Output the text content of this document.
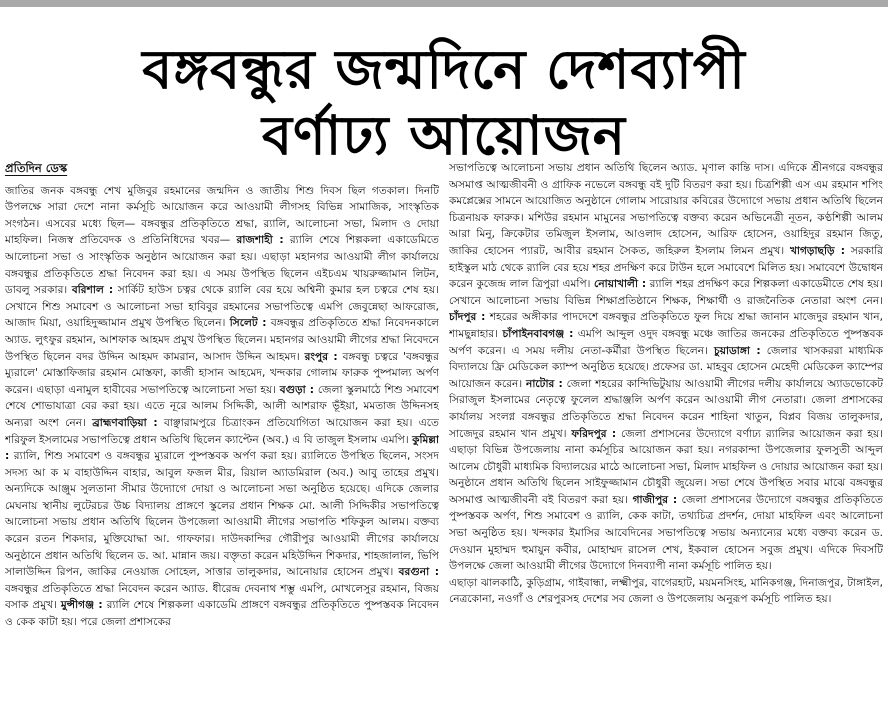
বঙ্গবন্ধুর জন্মদিনে দেশব্যাপী
বর্ণাঢ্য আয়োজন

প্রতিদিন ডেস্ক

জাতির জনক বঙ্গবন্ধু শেখ মুজিবুর রহমানের জন্মদিন ও জাতীয় শিশু দিবস ছিল গতকাল। দিনটি উপলক্ষে সারা দেশে নানা কর্মসূচি আয়োজন করে আওয়ামী লীগসহ বিভিন্ন সামাজিক, সাংস্কৃতিক সংগঠন। এসবের মধ্যে ছিল— বঙ্গবন্ধুর প্রতিকৃতিতে শ্রদ্ধা, র‍্যালি, আলোচনা সভা, মিলাদ ও দোয়া মাহফিল। নিজস্ব প্রতিবেদক ও প্রতিনিধিদের খবর— রাজশাহী : র‍্যালি শেষে শিল্পকলা একাডেমিতে আলোচনা সভা ও সাংস্কৃতিক অনুষ্ঠান আয়োজন করা হয়। এছাড়া মহানগর আওয়ামী লীগ কার্যালয়ে বঙ্গবন্ধুর প্রতিকৃতিতে শ্রদ্ধা নিবেদন করা হয়। এ সময় উপস্থিত ছিলেন এইচএম খায়রুজ্জামান লিটন, ডাবলু সরকার। বরিশাল : সার্কিট হাউস চত্বর থেকে র‍্যালি বের হয়ে অশ্বিনী কুমার হল চত্বরে শেষ হয়। সেখানে শিশু সমাবেশ ও আলোচনা সভা হাবিবুর রহমানের সভাপতিত্বে এমপি জেবুন্নেছা আফরোজ, আজাদ মিয়া, ওয়াহিদুজ্জামান প্রমুখ উপস্থিত ছিলেন। সিলেট : বঙ্গবন্ধুর প্রতিকৃতিতে শ্রদ্ধা নিবেদনকালে অ্যাড. লুৎফুর রহমান, আশফাক আহমদ প্রমুখ উপস্থিত ছিলেন। মহানগর আওয়ামী লীগের শ্রদ্ধা নিবেদনে উপস্থিত ছিলেন বদর উদ্দিন আহমদ কামরান, আসাদ উদ্দিন আহমদ। রংপুর : বঙ্গবন্ধু চত্বরে 'বঙ্গবন্ধুর ম্যুরালে' মোস্তাফিজার রহমান মোস্তফা, কাজী হাসান আহমেদ, খন্দকার গোলাম ফারুক পুষ্পমাল্য অর্পণ করেন। এছাড়া এনামুল হাবীবের সভাপতিত্বে আলোচনা সভা হয়। বগুড়া : জেলা স্কুলমাঠে শিশু সমাবেশ শেষে শোভাযাত্রা বের করা হয়। এতে নূরে আলম সিদ্দিকী, আলী আশরাফ ভূঁইয়া, মমতাজ উদ্দিনসহ অন্যরা অংশ নেন। ব্রাহ্মণবাড়িয়া : বাঞ্ছারামপুরে চিত্রাংকন প্রতিযোগিতা আয়োজন করা হয়। এতে শরিফুল ইসলামের সভাপতিত্বে প্রধান অতিথি ছিলেন ক্যাপ্টেন (অব.) এ বি তাজুল ইসলাম এমপি। কুমিল্লা : র‍্যালি, শিশু সমাবেশ ও বঙ্গবন্ধুর ম্যুরালে পুষ্পস্তবক অর্পণ করা হয়। র‍্যালিতে উপস্থিত ছিলেন, সংসদ সদস্য আ ক ম বাহাউদ্দিন বাহার, আবুল ফজল মীর, রিয়াল অ্যাডমিরাল (অব.) আবু তাহের প্রমুখ। অন্যদিকে আঞ্জুম সুলতানা সীমার উদ্যোগে দোয়া ও আলোচনা সভা অনুষ্ঠিত হয়েছে। এদিকে জেলার মেঘনায় স্থানীয় লুটেরচর উচ্চ বিদ্যালয় প্রাঙ্গণে স্কুলের প্রধান শিক্ষক মো. আলী সিদ্দিকীর সভাপতিত্বে আলোচনা সভায় প্রধান অতিথি ছিলেন উপজেলা আওয়ামী লীগের সভাপতি শফিকুল আলম। বক্তব্য করেন রতন শিকদার, মুক্তিযোদ্ধা আ. গাফফার। দাউদকান্দির গৌরীপুর আওয়ামী লীগের কার্যালয়ে অনুষ্ঠানে প্রধান অতিথি ছিলেন ড. আ. মান্নান জয়। বক্তৃতা করেন মহিউদ্দিন শিকদার, শাহজালাল, ভিপি সালাউদ্দিন রিপন, জাকির নেওয়াজ সোহেল, সাত্তার তালুকদার, আনোয়ার হোসেন প্রমুখ। বরগুনা : বঙ্গবন্ধুর প্রতিকৃতিতে শ্রদ্ধা নিবেদন করেন অ্যাড. ধীরেন্দ্র দেবনাথ শম্ভু এমপি, মোখলেসুর রহমান, বিজয় বসাক প্রমুখ। মুন্সীগঞ্জ : র‍্যালি শেষে শিল্পকলা একাডেমি প্রাঙ্গণে বঙ্গবন্ধুর প্রতিকৃতিতে পুষ্পস্তবক নিবেদন ও কেক কাটা হয়। পরে জেলা প্রশাসকের

সভাপতিত্বে আলোচনা সভায় প্রধান অতিথি ছিলেন অ্যাড. মৃণাল কান্তি দাস। এদিকে শ্রীনগরে বঙ্গবন্ধুর অসমাপ্ত আত্মজীবনী ও গ্রাফিক নভেলে বঙ্গবন্ধু বই দুটি বিতরণ করা হয়। চিত্রশিল্পী এস এম রহমান শপিং কমপ্লেক্সের সামনে আয়োজিত অনুষ্ঠানে গোলাম সারোয়ার কবিরের উদ্যোগে সভায় প্রধান অতিথি ছিলেন চিত্রনায়ক ফারুক। মশিউর রহমান মামুনের সভাপতিত্বে বক্তব্য করেন অভিনেত্রী নূতন, কণ্ঠশিল্পী আলম আরা মিনু, ক্রিকেটার তমিজুল ইসলাম, আওলাদ হোসেন, আরিফ হোসেন, ওয়াহিদুর রহমান জিতু, জাকির হোসেন প্যারট, আবীর রহমান সৈকত, জহিরুল ইসলাম লিমন প্রমুখ। খাগড়াছড়ি : সরকারি হাইস্কুল মাঠ থেকে র‍্যালি বের হয়ে শহর প্রদক্ষিণ করে টাউন হলে সমাবেশে মিলিত হয়। সমাবেশে উদ্বোধন করেন কুজেন্দ্র লাল ত্রিপুরা এমপি। নোয়াখালী : র‍্যালি শহর প্রদক্ষিণ করে শিল্পকলা একাডেমীতে শেষ হয়। সেখানে আলোচনা সভায় বিভিন্ন শিক্ষাপ্রতিষ্ঠানে শিক্ষক, শিক্ষার্থী ও রাজনৈতিক নেতারা অংশ নেন। চাঁদপুর : শহরের অঙ্গীকার পাদদেশে বঙ্গবন্ধুর প্রতিকৃতিতে ফুল দিয়ে শ্রদ্ধা জানান মাজেদুর রহমান খান, শামছুন্নাহার। চাঁপাইনবাবগঞ্জ : এমপি আব্দুল ওদুদ বঙ্গবন্ধু মঞ্চে জাতির জনকের প্রতিকৃতিতে পুষ্পস্তবক অর্পণ করেন। এ সময় দলীয় নেতা-কর্মীরা উপস্থিত ছিলেন। চুয়াডাঙ্গা : জেলার খাসকররা মাধ্যমিক বিদ্যালয়ে ফ্রি মেডিকেল ক্যাম্প অনুষ্ঠিত হয়েছে। প্রফেসর ডা. মাহবুব হোসেন মেহেদী মেডিকেল ক্যাম্পের আয়োজন করেন। নাটোর : জেলা শহরের কান্দিভিটুয়ায় আওয়ামী লীগের দলীয় কার্যালয়ে অ্যাডভোকেট সিরাজুল ইসলামের নেতৃত্বে ফুলেল শ্রদ্ধাঞ্জলি অর্পণ করেন আওয়ামী লীগ নেতারা। জেলা প্রশাসকের কার্যালয় সংলগ্ন বঙ্গবন্ধুর প্রতিকৃতিতে শ্রদ্ধা নিবেদন করেন শাহিনা খাতুন, বিপ্লব বিজয় তালুকদার, সাজেদুর রহমান খান প্রমুখ। ফরিদপুর : জেলা প্রশাসনের উদ্যোগে বর্ণাঢ্য র‍্যালির আয়োজন করা হয়। এছাড়া বিভিন্ন উপজেলায় নানা কর্মসূচির আয়োজন করা হয়। নগরকান্দা উপজেলার ফুলসুতী আব্দুল আলেম চৌধুরী মাধ্যমিক বিদ্যালয়ের মাঠে আলোচনা সভা, মিলাদ মাহফিল ও দোয়ার আয়োজন করা হয়। অনুষ্ঠানে প্রধান অতিথি ছিলেন সাইফুজ্জামান চৌধুরী জুয়েল। সভা শেষে উপস্থিত সবার মাঝে বঙ্গবন্ধুর অসমাপ্ত আত্মজীবনী বই বিতরণ করা হয়। গাজীপুর : জেলা প্রশাসনের উদ্যোগে বঙ্গবন্ধুর প্রতিকৃতিতে পুষ্পস্তবক অর্পণ, শিশু সমাবেশ ও র‍্যালি, কেক কাটা, তথ্যচিত্র প্রদর্শন, দোয়া মাহফিল এবং আলোচনা সভা অনুষ্ঠিত হয়। খন্দকার ইমাসির আবেদিনের সভাপতিত্বে সভায় অন্যান্যের মধ্যে বক্তব্য করেন ড. দেওয়ান মুহাম্মদ হুমায়ুন কবীর, মোহাম্মদ রাসেল শেখ, ইকবাল হোসেন সবুজ প্রমুখ। এদিকে দিবসটি উপলক্ষে জেলা আওয়ামী লীগের উদ্যোগে দিনব্যাপী নানা কর্মসূচি পালিত হয়।

এছাড়া ঝালকাঠি, কুড়িগ্রাম, গাইবান্ধা, লক্ষ্মীপুর, বাগেরহাট, ময়মনসিংহ, মানিকগঞ্জ, দিনাজপুর, টাঙ্গাইল, নেত্রকোনা, নওগাঁ ও শেরপুরসহ দেশের সব জেলা ও উপজেলায় অনুরূপ কর্মসূচি পালিত হয়।
